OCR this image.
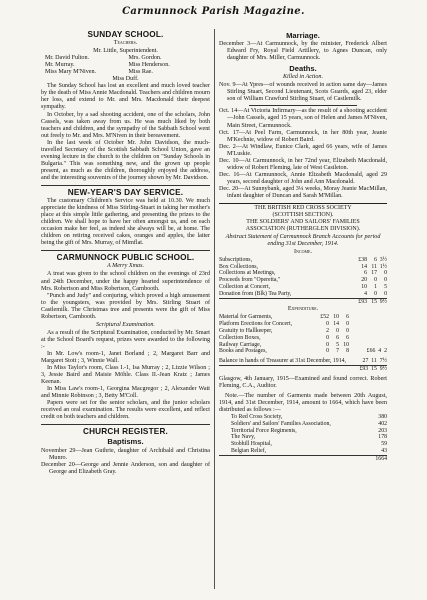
Carmunnock Parish Magazine.
SUNDAY SCHOOL.
Teachers.
Mr. Little, Superintendent.
Mr. David Fulton.	Mrs. Gordon.
Mr. Murray.	Miss Henderson.
Miss Mary M'Niven.	Miss Rae.
Miss Duff.

The Sunday School has lost an excellent and much loved teacher by the death of Miss Annie Macdonald. Teachers and children mourn her loss, and extend to Mr. and Mrs. Macdonald their deepest sympathy.

In October, by a sad shooting accident, one of the scholars, John Cassels, was taken away from us. He was much liked by both teachers and children, and the sympathy of the Sabbath School went out freely to Mr. and Mrs. M'Niven in their bereavement.

In the last week of October Mr. John Davidson, the much-travelled Secretary of the Scottish Sabbath School Union, gave an evening lecture in the church to the children on "Sunday Schools in Bulgaria." This was something new, and the grown up people present, as much as the children, thoroughly enjoyed the address, and the interesting souvenirs of the journey shown by Mr. Davidson.

NEW-YEAR'S DAY SERVICE.

The customary Children's Service was held at 10.30. We much appreciate the kindness of Miss Stirling-Stuart in taking her mother's place at this simple little gathering, and presenting the prizes to the children. We shall hope to have her often amongst us, and on each occasion make her feel, as indeed she always will be, at home. The children on retiring received cakes, oranges and apples, the latter being the gift of Mrs. Murray, of Mimflat.

CARMUNNOCK PUBLIC SCHOOL.
A Merry Xmas.

A treat was given to the school children on the evenings of 23rd and 24th December, under the happy hearted superintendence of Mrs. Robertson and Miss Robertson, Carnbooth.

"Punch and Judy" and conjuring, which proved a high amusement to the youngsters, was provided by Mrs. Stirling Stuart of Castlemilk. The Christmas tree and presents were the gift of Miss Robertson, Carnbooth.

Scriptural Examination.

As a result of the Scriptural Examination, conducted by Mr. Smart at the School Board's request, prizes were awarded to the following :-

In Mr. Low's room-1, Janet Borland ; 2, Margaret Barr and Margaret Stott ; 3, Winnie Wall.

In Miss Taylor's room, Class I.-1, Isa Murray ; 2, Lizzie Wilson ; 3, Jessie Baird and Maisie Möhle. Class II.-Jean Kratz ; James Keenan.

In Miss Law's room-1, Georgina Macgregor ; 2, Alexander Watt and Minnie Robinson ; 3, Betty M'Coll.

Papers were set for the senior scholars, and the junior scholars received an oral examination. The results were excellent, and reflect credit on both teachers and children.

CHURCH REGISTER.
Baptisms.

November 29—Jean Guthrie, daughter of Archibald and Christina Munro.

December 20—George and Jennie Anderson, son and daughter of George and Elizabeth Gray.

Marriage.

December 3—At Carmunnock, by the minister, Frederick Albert Edward Fry, Royal Field Artillery, to Agnes Duncan, only daughter of Mrs. Miller, Carmunnock.

Deaths.
Killed in Action.

Nov. 9—At Ypres—of wounds received in action same day—James Stirling Stuart, Second Lieutenant, Scots Guards, aged 23, elder son of William Crawfurd Stirling Stuart, of Castlemilk.

Oct. 14—At Victoria Infirmary—as the result of a shooting accident—John Cassels, aged 15 years, son of Helen and James M'Niven, Main Street, Carmunnock.

Oct. 17—At Peel Farm, Carmunnock, in her 80th year, Jeanie M'Kechnie, widow of Robert Baird.

Dec. 2—At Windlaw, Eunice Clark, aged 66 years, wife of James M'Luskie.

Dec. 10—At Carmunnock, in her 72nd year, Elizabeth Macdonald, widow of Robert Fleming, late of West Castleton.

Dec. 16—At Carmunnock, Annie Elizabeth Macdonald, aged 29 years, second daughter of John and Ann Macdonald.

Dec. 20—At Sunnybank, aged 3¼ weeks, Moray Jeanie MacMillan, infant daughter of Duncan and Sarah M'Millan.

THE BRITISH RED CROSS SOCIETY
(SCOTTISH SECTION).
THE SOLDIERS' AND SAILORS' FAMILIES
ASSOCIATION (RUTHERGLEN DIVISION).
Abstract Statement of Carmunnock Branch Accounts for period ending 31st December, 1914.
Income.
Subscriptions,	£38	6	3½
Box Collections,	14	11	1½
Collections at Meetings,	6	17	0
Proceeds from "Operetta,"	20	0	0
Collection at Concert,	10	1	5
Donation from (Blk) Tea Party,	4	0	0
	£93	15	9½
Expenditure.
Material for Garments,	£52	10	6	
Platform Erections for Concert,	0	14	0	
Gratuity to Hallkeeper,	2	0	0	
Collection Boxes,	0	6	6	
Railway Carriage,	0	5	10	
Books and Postages,	0	7	8	£66 4 2
Balance in hands of Treasurer at 31st December, 1914,				27 11 7½
				£93 15 9½

Glasgow, 4th January, 1915—Examined and found correct. Robert Fleming, C.A., Auditor.

Note.—The number of Garments made between 20th August, 1914, and 31st December, 1914, amount to 1664, which have been distributed as follows :—

To Red Cross Society,	380
Soldiers' and Sailors' Families Association,	402
Territorial Force Regiments,	203
The Navy,	178
Stobhill Hospital,	59
Belgian Relief,	43
	1664
